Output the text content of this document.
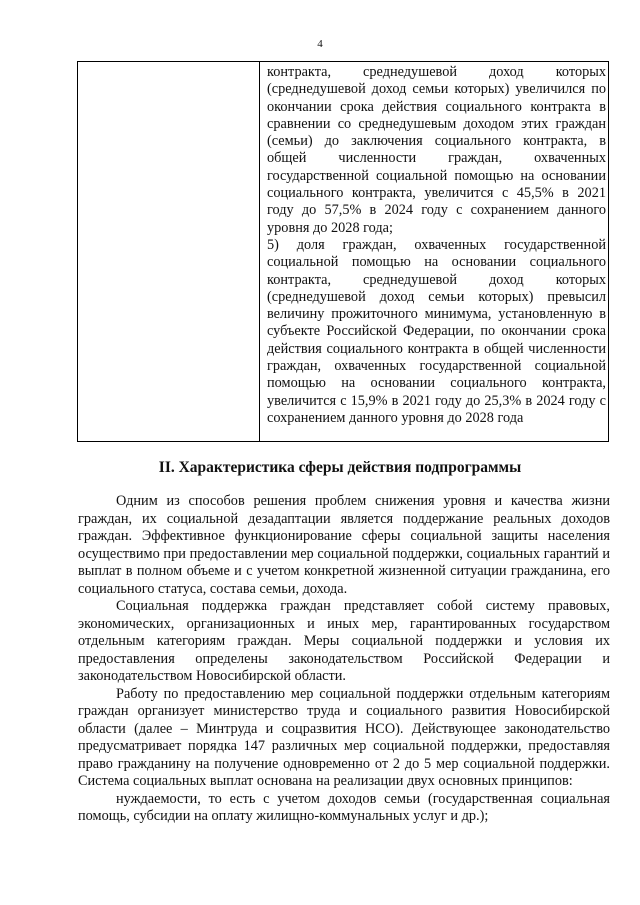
4

контракта, среднедушевой доход которых (среднедушевой доход семьи которых) увеличился по окончании срока действия социального контракта в сравнении со среднедушевым доходом этих граждан (семьи) до заключения социального контракта, в общей численности граждан, охваченных государственной социальной помощью на основании социального контракта, увеличится с 45,5% в 2021 году до 57,5% в 2024 году с сохранением данного уровня до 2028 года;

5) доля граждан, охваченных государственной социальной помощью на основании социального контракта, среднедушевой доход которых (среднедушевой доход семьи которых) превысил величину прожиточного минимума, установленную в субъекте Российской Федерации, по окончании срока действия социального контракта в общей численности граждан, охваченных государственной социальной помощью на основании социального контракта, увеличится с 15,9% в 2021 году до 25,3% в 2024 году с сохранением данного уровня до 2028 года

II. Характеристика сферы действия подпрограммы

Одним из способов решения проблем снижения уровня и качества жизни граждан, их социальной дезадаптации является поддержание реальных доходов граждан. Эффективное функционирование сферы социальной защиты населения осуществимо при предоставлении мер социальной поддержки, социальных гарантий и выплат в полном объеме и с учетом конкретной жизненной ситуации гражданина, его социального статуса, состава семьи, дохода.

Социальная поддержка граждан представляет собой систему правовых, экономических, организационных и иных мер, гарантированных государством отдельным категориям граждан. Меры социальной поддержки и условия их предоставления определены законодательством Российской Федерации и законодательством Новосибирской области.

Работу по предоставлению мер социальной поддержки отдельным категориям граждан организует министерство труда и социального развития Новосибирской области (далее – Минтруда и соцразвития НСО). Действующее законодательство предусматривает порядка 147 различных мер социальной поддержки, предоставляя право гражданину на получение одновременно от 2 до 5 мер социальной поддержки. Система социальных выплат основана на реализации двух основных принципов:

нуждаемости, то есть с учетом доходов семьи (государственная социальная помощь, субсидии на оплату жилищно-коммунальных услуг и др.);
